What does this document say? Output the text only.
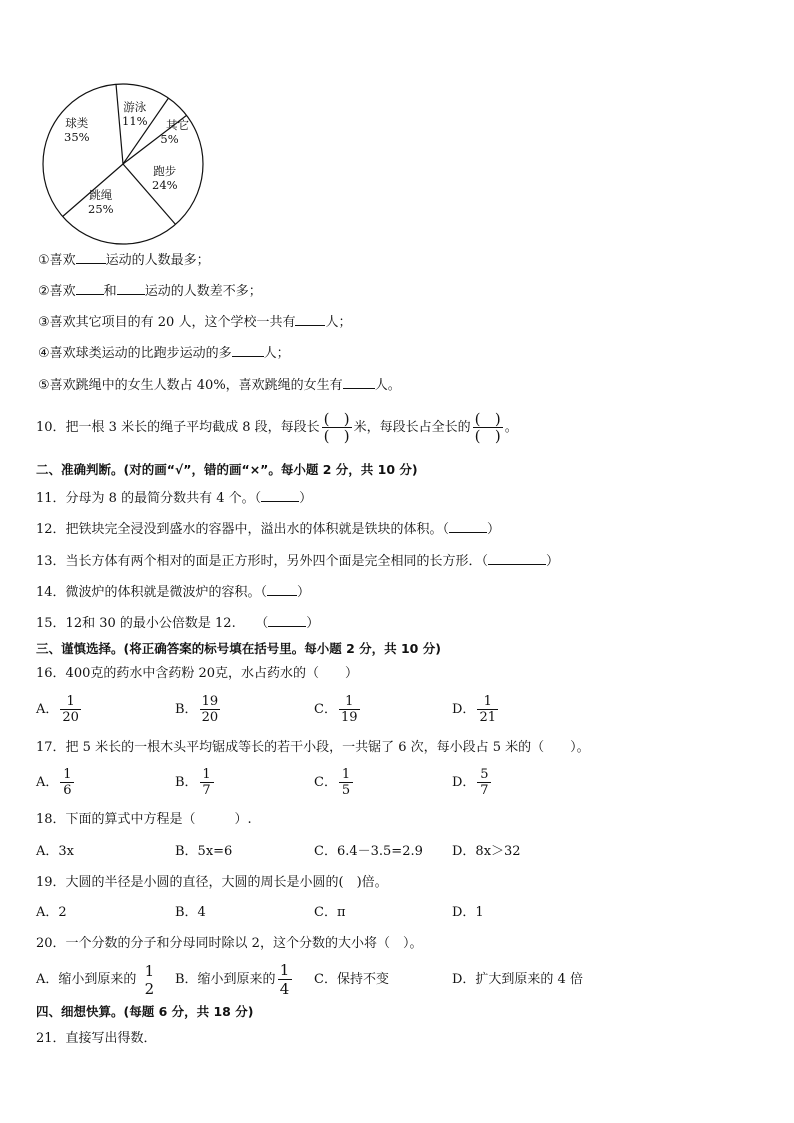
游泳
11% 其它
5%
跑步
24%
跳绳
25%
球类
35%
①喜欢 运动的人数最多；
②喜欢 和 运动的人数差不多；
③喜欢其它项目的有 20 人，这个学校一共有 人；
④喜欢球类运动的比跑步运动的多 人；
⑤喜欢跳绳中的女生人数占 40%，喜欢跳绳的女生有 人。
10．把一根 3 米长的绳子平均截成 8 段，每段长 $\frac{( )}{( )}$ 米，每段长占全长的 $\frac{( )}{( )}$ 。
二、准确判断。(对的画“√”，错的画“×”。每小题 2 分，共 10 分)
11．分母为 8 的最简分数共有 4 个。（	）
12．把铁块完全浸没到盛水的容器中，溢出水的体积就是铁块的体积。（	）
13．当长方体有两个相对的面是正方形时，另外四个面是完全相同的长方形．（	）
14．微波炉的体积就是微波炉的容积。（ ）
15．12和 30 的最小公倍数是 12.　　（	）
三、谨慎选择。(将正确答案的标号填在括号里。每小题 2 分，共 10 分)
16．400克的药水中含药粉 20克，水占药水的（　　）
A． $\frac{1}{20}$	B． $\frac{19}{20}$	C． $\frac{1}{19}$	D． $\frac{1}{21}$
17．把 5 米长的一根木头平均锯成等长的若干小段，一共锯了 6 次，每小段占 5 米的（　　）。
A． $\frac{1}{6}$	B． $\frac{1}{7}$	C． $\frac{1}{5}$	D． $\frac{5}{7}$
18．下面的算式中方程是（　　　）.
A．3x	B．5x=6	C．6.4－3.5=2.9 D．8x＞32
19．大圆的半径是小圆的直径，大圆的周长是小圆的(　)倍。
A．2	B．4	C．π	D．1
20．一个分数的分子和分母同时除以 2，这个分数的大小将（　）。
A．缩小到原来的 1
2 B．缩小到原来的 $\frac{1}{4}$ C．保持不变	D．扩大到原来的 4 倍
四、细想快算。(每题 6 分，共 18 分)
21．直接写出得数．
